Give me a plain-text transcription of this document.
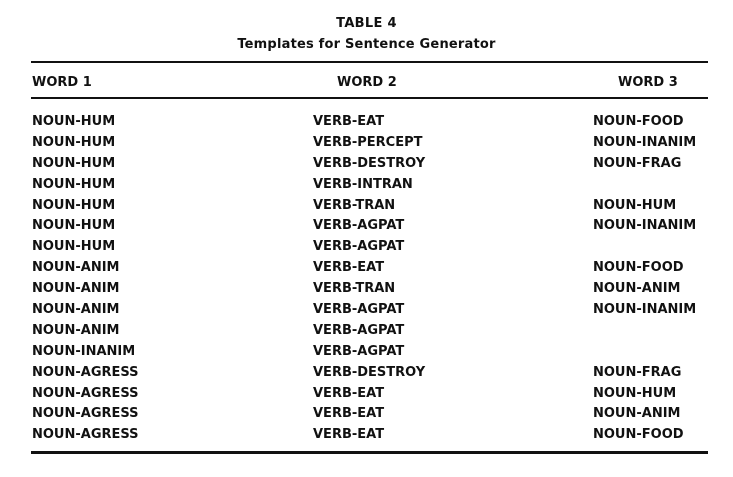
TABLE 4
Templates for Sentence Generator
WORD 1	WORD 2	WORD 3
NOUN-HUM	VERB-EAT	NOUN-FOOD
NOUN-HUM	VERB-PERCEPT	NOUN-INANIM
NOUN-HUM	VERB-DESTROY	NOUN-FRAG
NOUN-HUM	VERB-INTRAN
NOUN-HUM	VERB-TRAN	NOUN-HUM
NOUN-HUM	VERB-AGPAT	NOUN-INANIM
NOUN-HUM	VERB-AGPAT
NOUN-ANIM	VERB-EAT	NOUN-FOOD
NOUN-ANIM	VERB-TRAN	NOUN-ANIM
NOUN-ANIM	VERB-AGPAT	NOUN-INANIM
NOUN-ANIM	VERB-AGPAT
NOUN-INANIM	VERB-AGPAT
NOUN-AGRESS	VERB-DESTROY	NOUN-FRAG
NOUN-AGRESS	VERB-EAT	NOUN-HUM
NOUN-AGRESS	VERB-EAT	NOUN-ANIM
NOUN-AGRESS	VERB-EAT	NOUN-FOOD
